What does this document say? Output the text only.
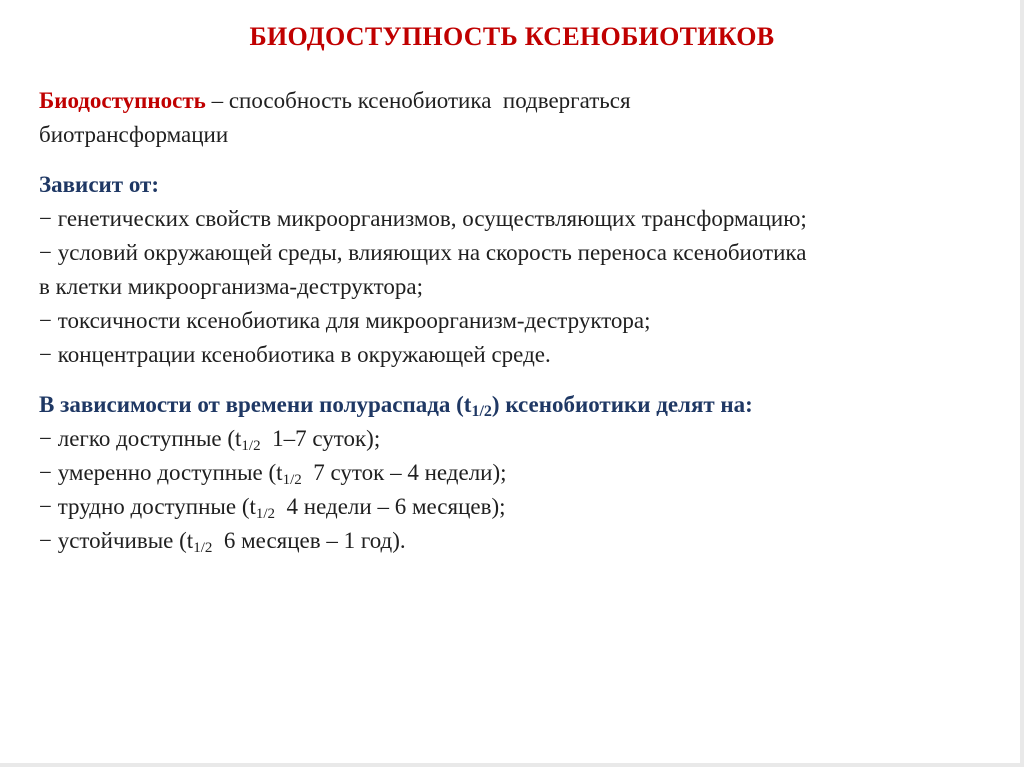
БИОДОСТУПНОСТЬ КСЕНОБИОТИКОВ
Биодоступность – способность ксенобиотика  подвергаться
биотрансформации
Зависит от:
− генетических свойств микроорганизмов, осуществляющих трансформацию;
− условий окружающей среды, влияющих на скорость переноса ксенобиотика
в клетки микроорганизма-деструктора;
− токсичности ксенобиотика для микроорганизм-деструктора;
− концентрации ксенобиотика в окружающей среде.
В зависимости от времени полураспада $(t_{1/2})$ ксенобиотики делят на:
− легко доступные ($t_{1/2}$  1–7 суток);
− умеренно доступные ($t_{1/2}$  7 суток – 4 недели);
− трудно доступные ($t_{1/2}$  4 недели – 6 месяцев);
− устойчивые ($t_{1/2}$  6 месяцев – 1 год).
